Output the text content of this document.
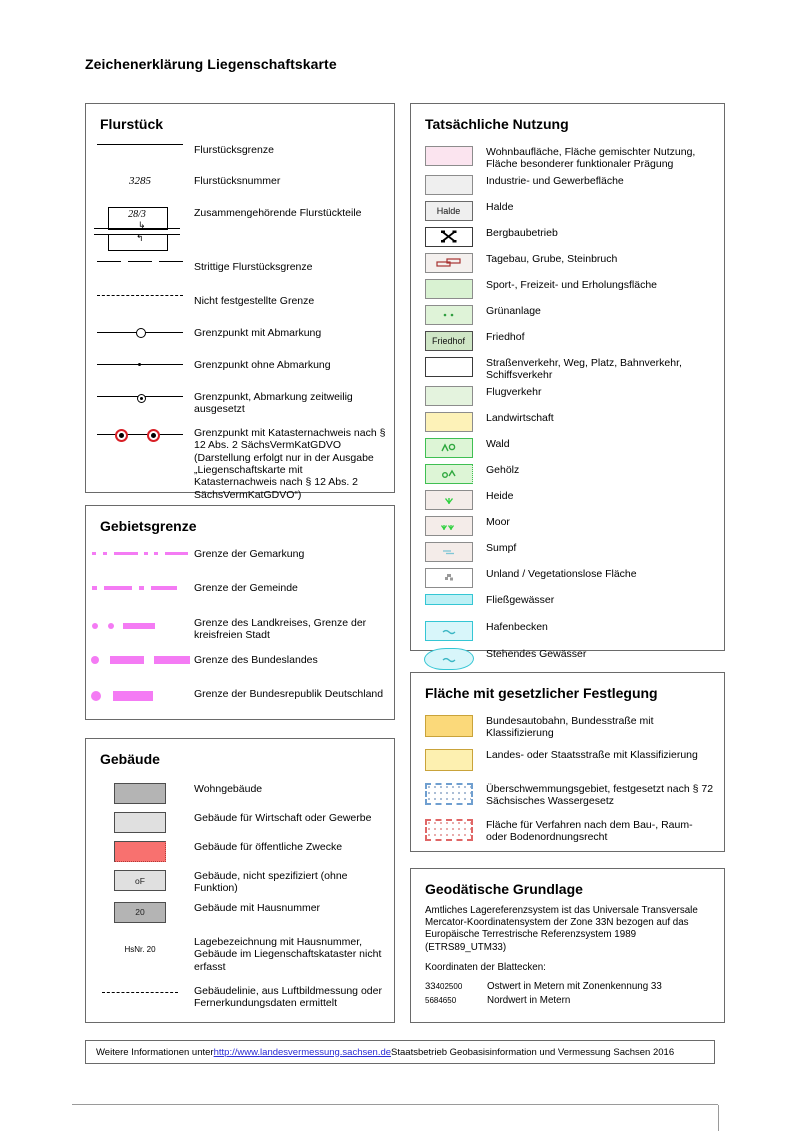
Zeichenerklärung Liegenschaftskarte
Flurstück
Flurstücksgrenze
3285	Flurstücksnummer
28/3
↳
↰
Zusammengehörende Flurstückteile
Strittige Flurstücksgrenze
Nicht festgestellte Grenze
Grenzpunkt mit Abmarkung
Grenzpunkt ohne Abmarkung
Grenzpunkt, Abmarkung zeitweilig ausgesetzt
Grenzpunkt mit Katasternachweis nach § 12 Abs. 2 SächsVermKatGDVO (Darstellung erfolgt nur in der Ausgabe „Liegenschaftskarte mit Katasternachweis nach § 12 Abs. 2 SächsVermKatGDVO“)
Gebietsgrenze
Grenze der Gemarkung
Grenze der Gemeinde
Grenze des Landkreises, Grenze der kreisfreien Stadt
Grenze des Bundeslandes
Grenze der Bundesrepublik Deutschland
Gebäude
Wohngebäude
Gebäude für Wirtschaft oder Gewerbe
Gebäude für öffentliche Zwecke
oF	Gebäude, nicht spezifiziert (ohne Funktion)
20	Gebäude mit Hausnummer
HsNr. 20
Lagebezeichnung mit Hausnummer, Gebäude im Liegenschaftskataster nicht erfasst
Gebäudelinie, aus Luftbildmessung oder Fernerkundungsdaten ermittelt
Tatsächliche Nutzung
Wohnbaufläche, Fläche gemischter Nutzung, Fläche besonderer funktionaler Prägung
Industrie- und Gewerbefläche
Halde	Halde
Bergbaubetrieb
Tagebau, Grube, Steinbruch
Sport-, Freizeit- und Erholungsfläche
Grünanlage
Friedhof	Friedhof
Straßenverkehr, Weg, Platz, Bahnverkehr, Schiffsverkehr
Flugverkehr
Landwirtschaft
Wald
Gehölz
Heide
Moor
Sumpf
Unland / Vegetationslose Fläche
Fließgewässer
Hafenbecken
Stehendes Gewässer
Fläche mit gesetzlicher Festlegung
Bundesautobahn, Bundesstraße mit Klassifizierung
Landes- oder Staatsstraße mit Klassifizierung
Überschwemmungsgebiet, festgesetzt nach § 72 Sächsisches Wassergesetz
Fläche für Verfahren nach dem Bau-, Raum- oder Bodenordnungsrecht
Geodätische Grundlage
Amtliches Lagereferenzsystem ist das Universale Transversale Mercator-Koordinatensystem der Zone 33N bezogen auf das Europäische Terrestrische Referenzsystem 1989 (ETRS89_UTM33)
Koordinaten der Blattecken:
33402500	Ostwert in Metern mit Zonenkennung 33
5684650	Nordwert in Metern
Weitere Informationen unter http://www.landesvermessung.sachsen.de Staatsbetrieb Geobasisinformation und Vermessung Sachsen 2016
